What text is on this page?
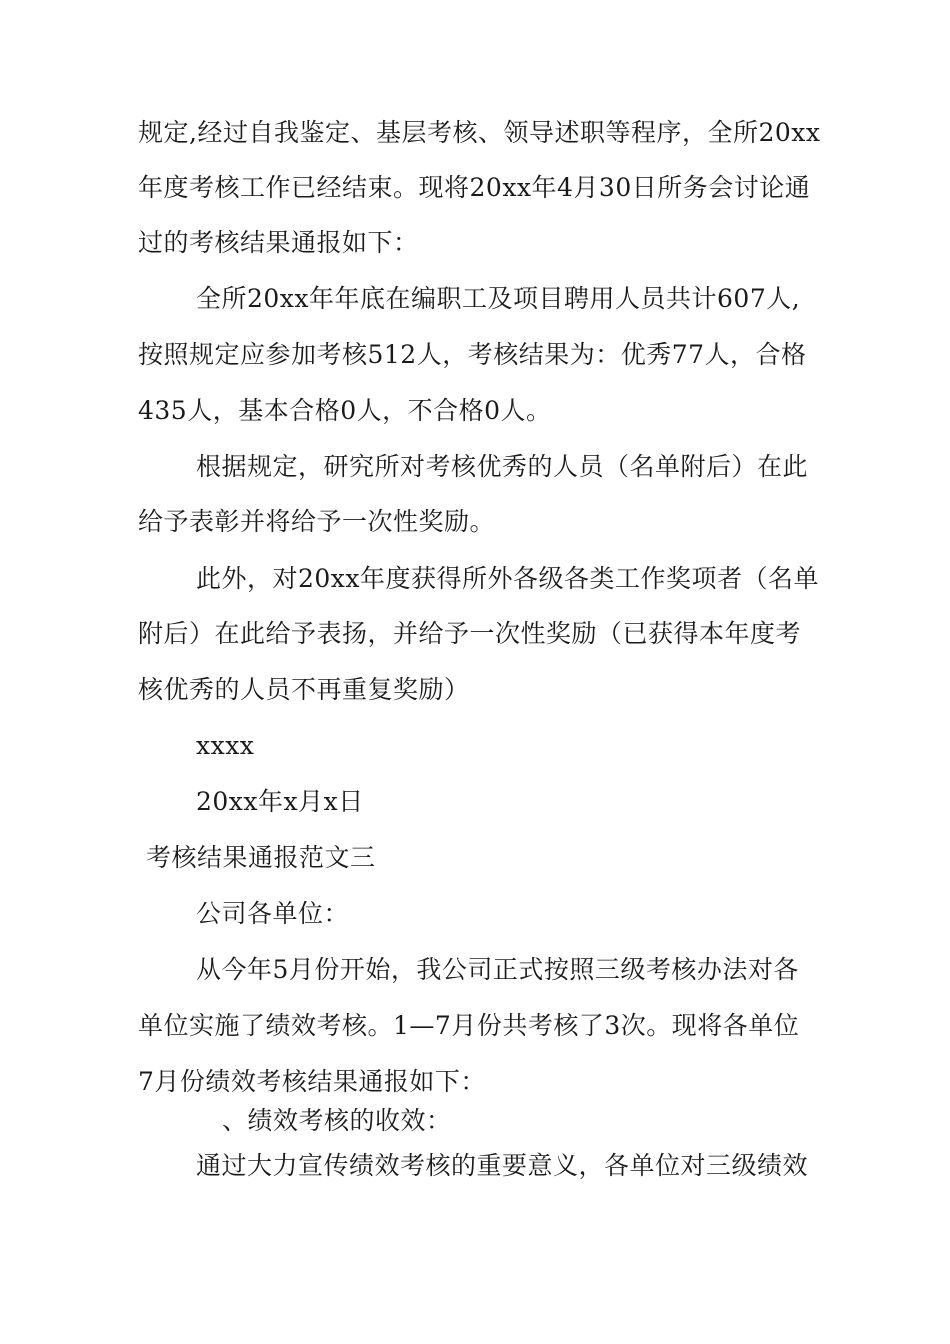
规定,经过自我鉴定、基层考核、领导述职等程序，全所20xx
年度考核工作已经结束。现将20xx年4月30日所务会讨论通
过的考核结果通报如下：
全所20xx年年底在编职工及项目聘用人员共计607人,
按照规定应参加考核512人，考核结果为：优秀77人，合格
435人，基本合格0人，不合格0人。
根据规定，研究所对考核优秀的人员（名单附后）在此
给予表彰并将给予一次性奖励。
此外，对20xx年度获得所外各级各类工作奖项者（名单
附后）在此给予表扬，并给予一次性奖励（已获得本年度考
核优秀的人员不再重复奖励）
xxxx
20xx年x月x日
考核结果通报范文三
公司各单位：
从今年5月份开始，我公司正式按照三级考核办法对各
单位实施了绩效考核。1—7月份共考核了3次。现将各单位
7月份绩效考核结果通报如下：
、绩效考核的收效：
通过大力宣传绩效考核的重要意义，各单位对三级绩效
